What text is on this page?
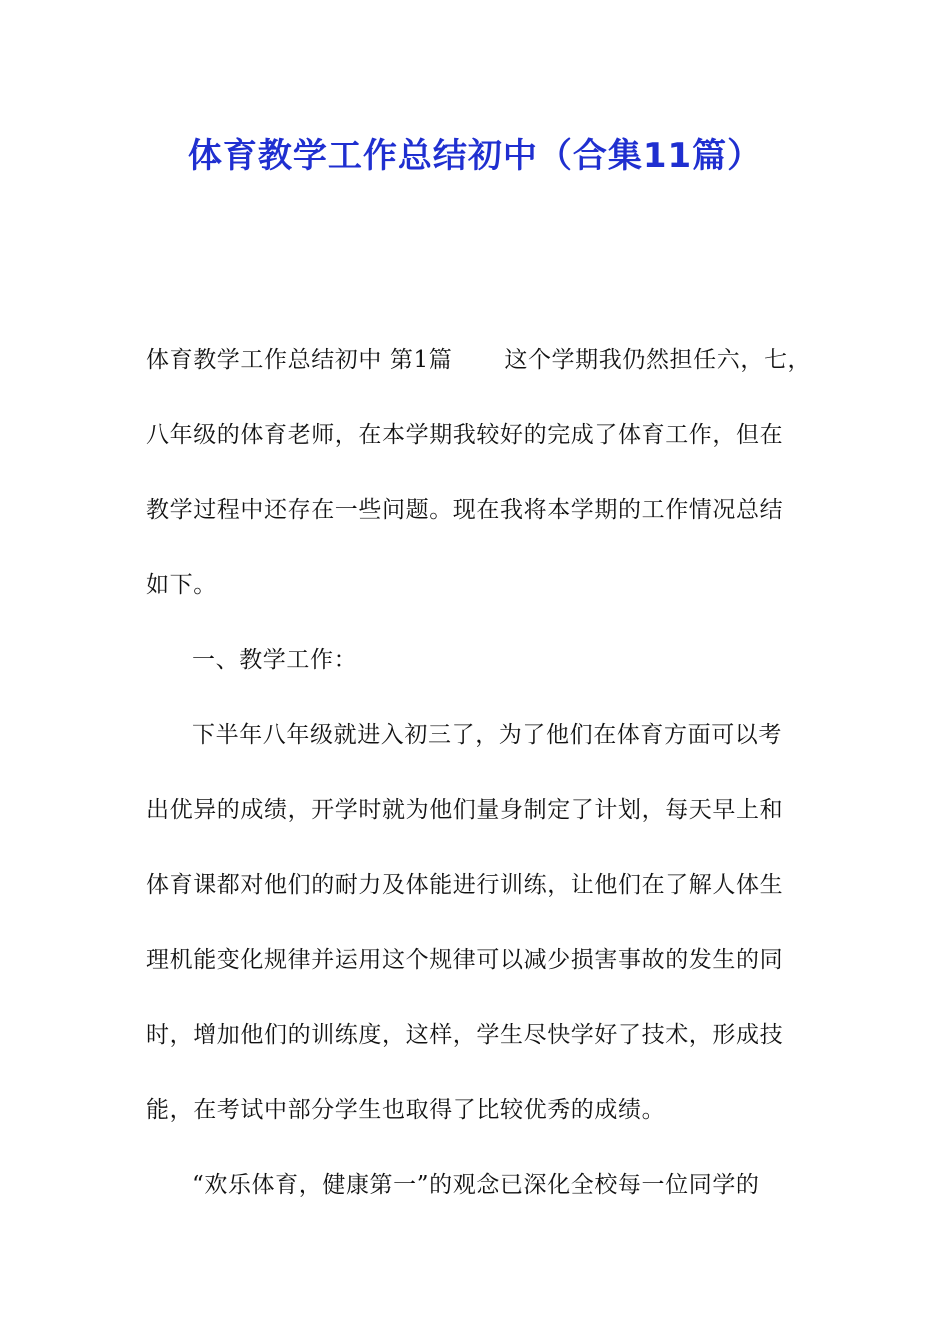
体育教学工作总结初中（合集11篇）
体育教学工作总结初中 第1篇 这个学期我仍然担任六，七，
八年级的体育老师，在本学期我较好的完成了体育工作，但在
教学过程中还存在一些问题。现在我将本学期的工作情况总结
如下。
一、教学工作：
下半年八年级就进入初三了，为了他们在体育方面可以考
出优异的成绩，开学时就为他们量身制定了计划，每天早上和
体育课都对他们的耐力及体能进行训练，让他们在了解人体生
理机能变化规律并运用这个规律可以减少损害事故的发生的同
时，增加他们的训练度，这样，学生尽快学好了技术，形成技
能，在考试中部分学生也取得了比较优秀的成绩。
“欢乐体育，健康第一”的观念已深化全校每一位同学的
